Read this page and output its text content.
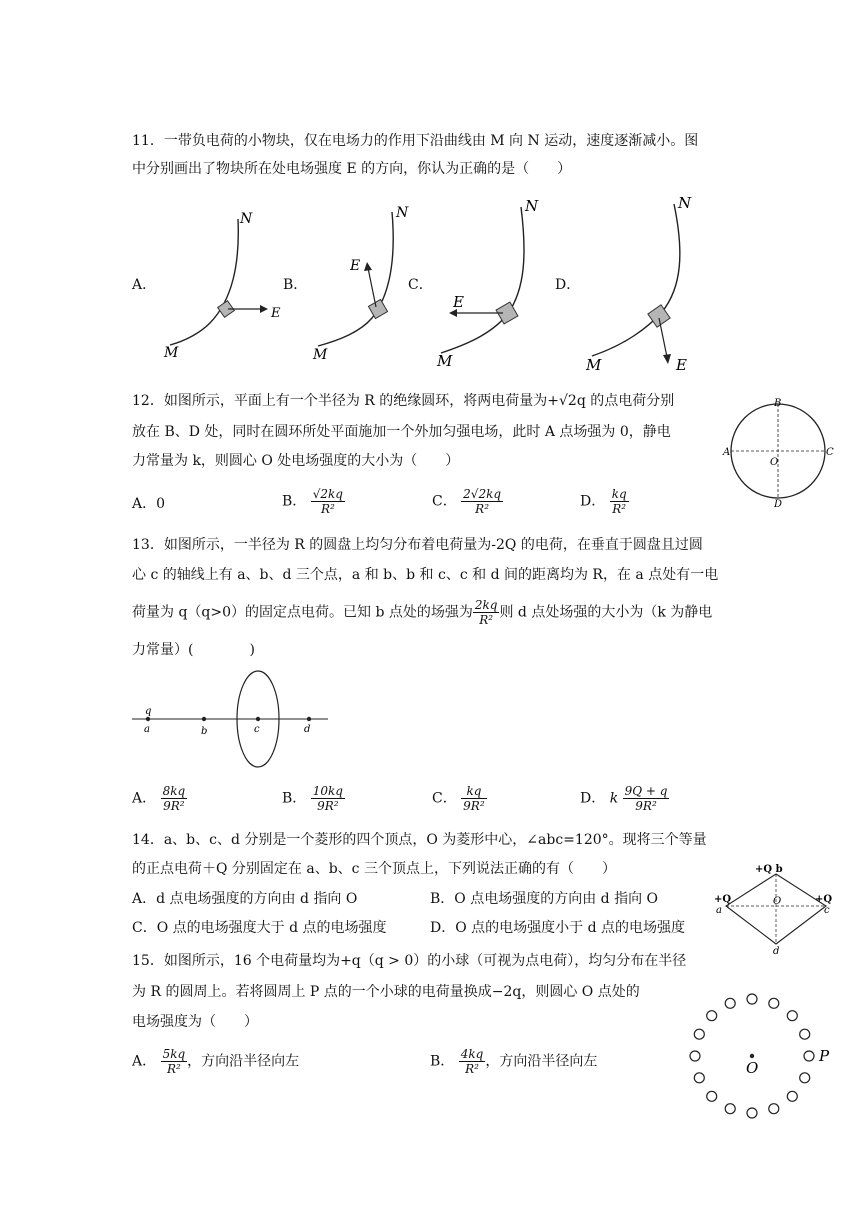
11．一带负电荷的小物块，仅在电场力的作用下沿曲线由 M 向 N 运动，速度逐渐减小。图
中分别画出了物块所在处电场强度 E 的方向，你认为正确的是（　　）
A．	B．	C．	D．
N
M
E
N
M
E
N
M
E
N
M	E
12．如图所示，平面上有一个半径为 R 的绝缘圆环，将两电荷量为+√2q 的点电荷分别
放在 B、D 处，同时在圆环所处平面施加一个外加匀强电场，此时 A 点场强为 0，静电
力常量为 k，则圆心 O 处电场强度的大小为（　　）
A．0	B． $\frac{√2kq}{\text{R²}}$	C． $\frac{2√2kq}{\text{R²}}$	D． $\frac{kq}{\text{R²}}$
B
A
O
C
D
13．如图所示，一半径为 R 的圆盘上均匀分布着电荷量为-2Q 的电荷，在垂直于圆盘且过圆
心 c 的轴线上有 a、b、d 三个点，a 和 b、b 和 c、c 和 d 间的距离均为 R，在 a 点处有一电
荷量为 q（q>0）的固定点电荷。已知 b 点处的场强为 $\frac{2kq}{\text{R²}}$ 则 d 点处场强的大小为（k 为静电
力常量）(　　　　)
q
a	b	c	d
A． $\frac{8kq}{\text{9R²}}$	B． $\frac{10kq}{\text{9R²}}$	C． $\frac{kq}{\text{9R²}}$	D． k $\frac{9Q + q}{\text{9R²}}$
14．a、b、c、d 分别是一个菱形的四个顶点，O 为菱形中心，∠abc=120°。现将三个等量
的正点电荷＋Q 分别固定在 a、b、c 三个顶点上，下列说法正确的有（　　）
A．d 点电场强度的方向由 d 指向 O	B．O 点电场强度的方向由 d 指向 O
C．O 点的电场强度大于 d 点的电场强度	D．O 点的电场强度小于 d 点的电场强度
+Q b
+Q
a
O	+Q
c
d
15．如图所示，16 个电荷量均为+q（q > 0）的小球（可视为点电荷），均匀分布在半径
为 R 的圆周上。若将圆周上 P 点的一个小球的电荷量换成−2q，则圆心 O 点处的
电场强度为（　　）
A． $\frac{5kq}{\text{R²}}$ ，方向沿半径向左	B． $\frac{4kq}{\text{R²}}$ ，方向沿半径向左	O
P
